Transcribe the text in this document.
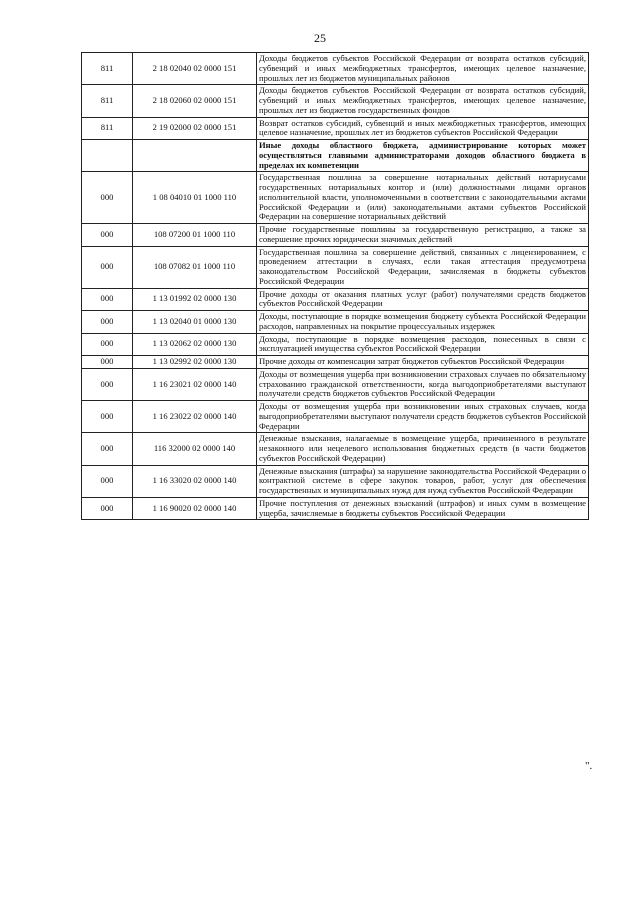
25
811	2 18 02040 02 0000 151	Доходы бюджетов субъектов Российской Федерации от возврата остатков субсидий, субвенций и иных межбюджетных трансфертов, имеющих целевое назначение, прошлых лет из бюджетов муниципальных районов
811	2 18 02060 02 0000 151	Доходы бюджетов субъектов Российской Федерации от возврата остатков субсидий, субвенций и иных межбюджетных трансфертов, имеющих целевое назначение, прошлых лет из бюджетов государственных фондов
811	2 19 02000 02 0000 151	Возврат остатков субсидий, субвенций и иных межбюджетных трансфертов, имеющих целевое назначение, прошлых лет из бюджетов субъектов Российской Федерации
		Иные доходы областного бюджета, администрирование которых может осуществляться главными администраторами доходов областного бюджета в пределах их компетенции
000	1 08 04010 01 1000 110	Государственная пошлина за совершение нотариальных действий нотариусами государственных нотариальных контор и (или) должностными лицами органов исполнительной власти, уполномоченными в соответствии с законодательными актами Российской Федерации и (или) законодательными актами субъектов Российской Федерации на совершение нотариальных действий
000	108 07200 01 1000 110	Прочие государственные пошлины за государственную регистрацию, а также за совершение прочих юридически значимых действий
000	108 07082 01 1000 110	Государственная пошлина за совершение действий, связанных с лицензированием, с проведением аттестации в случаях, если такая аттестация предусмотрена законодательством Российской Федерации, зачисляемая в бюджеты субъектов Российской Федерации
000	1 13 01992 02 0000 130	Прочие доходы от оказания платных услуг (работ) получателями средств бюджетов субъектов Российской Федерации
000	1 13 02040 01 0000 130	Доходы, поступающие в порядке возмещения бюджету субъекта Российской Федерации расходов, направленных на покрытие процессуальных издержек
000	1 13 02062 02 0000 130	Доходы, поступающие в порядке возмещения расходов, понесенных в связи с эксплуатацией имущества субъектов Российской Федерации
000	1 13 02992 02 0000 130	Прочие доходы от компенсации затрат бюджетов субъектов Российской Федерации
000	1 16 23021 02 0000 140	Доходы от возмещения ущерба при возникновении страховых случаев по обязательному страхованию гражданской ответственности, когда выгодоприобретателями выступают получатели средств бюджетов субъектов Российской Федерации
000	1 16 23022 02 0000 140	Доходы от возмещения ущерба при возникновении иных страховых случаев, когда выгодоприобретателями выступают получатели средств бюджетов субъектов Российской Федерации
000	116 32000 02 0000 140	Денежные взыскания, налагаемые в возмещение ущерба, причиненного в результате незаконного или нецелевого использования бюджетных средств (в части бюджетов субъектов Российской Федерации)
000	1 16 33020 02 0000 140	Денежные взыскания (штрафы) за нарушение законодательства Российской Федерации о контрактной системе в сфере закупок товаров, работ, услуг для обеспечения государственных и муниципальных нужд для нужд субъектов Российской Федерации
000	1 16 90020 02 0000 140	Прочие поступления от денежных взысканий (штрафов) и иных сумм в возмещение ущерба, зачисляемые в бюджеты субъектов Российской Федерации
".
